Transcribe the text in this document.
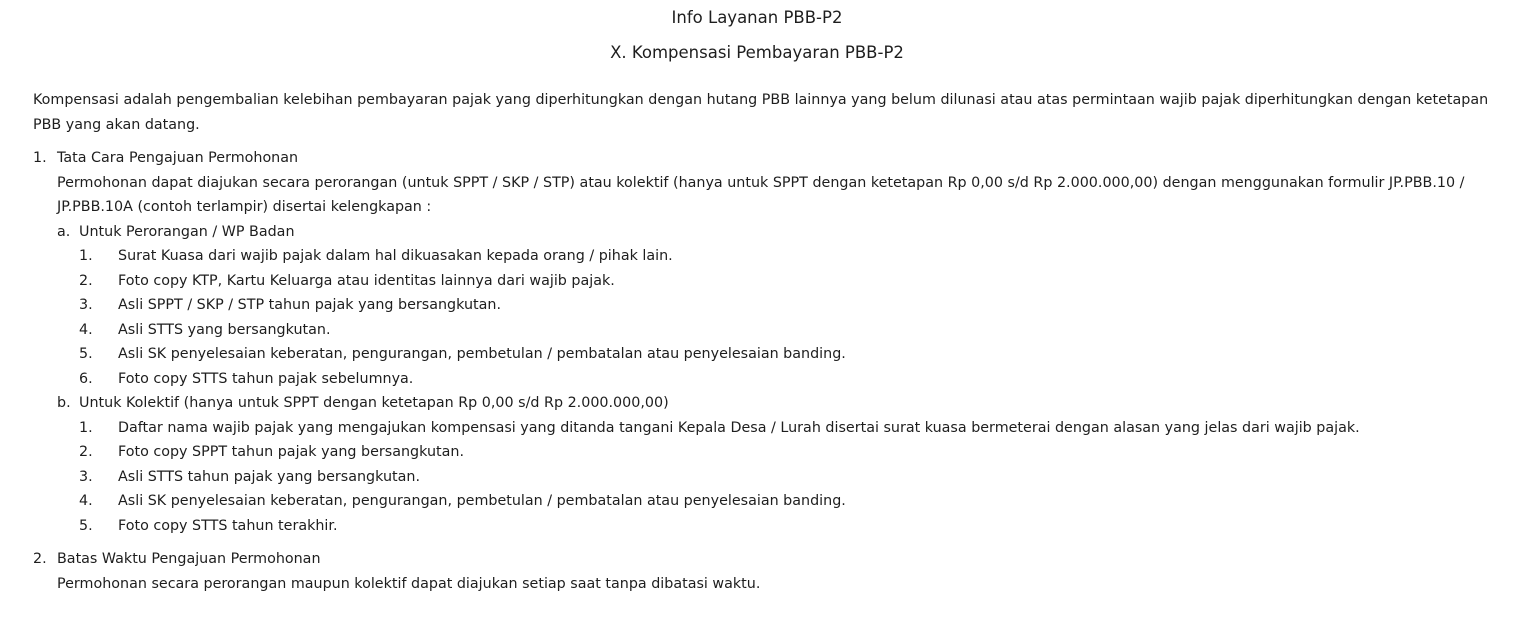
Info Layanan PBB-P2
X. Kompensasi Pembayaran PBB-P2

Kompensasi adalah pengembalian kelebihan pembayaran pajak yang diperhitungkan dengan hutang PBB lainnya yang belum dilunasi atau atas permintaan wajib pajak diperhitungkan dengan ketetapan PBB yang akan datang.

1. Tata Cara Pengajuan Permohonan
Permohonan dapat diajukan secara perorangan (untuk SPPT / SKP / STP) atau kolektif (hanya untuk SPPT dengan ketetapan Rp 0,00 s/d Rp 2.000.000,00) dengan menggunakan formulir JP.PBB.10 / JP.PBB.10A (contoh terlampir) disertai kelengkapan :
a. Untuk Perorangan / WP Badan
1.	Surat Kuasa dari wajib pajak dalam hal dikuasakan kepada orang / pihak lain.
2.	Foto copy KTP, Kartu Keluarga atau identitas lainnya dari wajib pajak.
3.	Asli SPPT / SKP / STP tahun pajak yang bersangkutan.
4.	Asli STTS yang bersangkutan.
5.	Asli SK penyelesaian keberatan, pengurangan, pembetulan / pembatalan atau penyelesaian banding.
6.	Foto copy STTS tahun pajak sebelumnya.
b. Untuk Kolektif (hanya untuk SPPT dengan ketetapan Rp 0,00 s/d Rp 2.000.000,00)
1.	Daftar nama wajib pajak yang mengajukan kompensasi yang ditanda tangani Kepala Desa / Lurah disertai surat kuasa bermeterai dengan alasan yang jelas dari wajib pajak.
2.	Foto copy SPPT tahun pajak yang bersangkutan.
3.	Asli STTS tahun pajak yang bersangkutan.
4.	Asli SK penyelesaian keberatan, pengurangan, pembetulan / pembatalan atau penyelesaian banding.
5.	Foto copy STTS tahun terakhir.
2. Batas Waktu Pengajuan Permohonan
Permohonan secara perorangan maupun kolektif dapat diajukan setiap saat tanpa dibatasi waktu.
